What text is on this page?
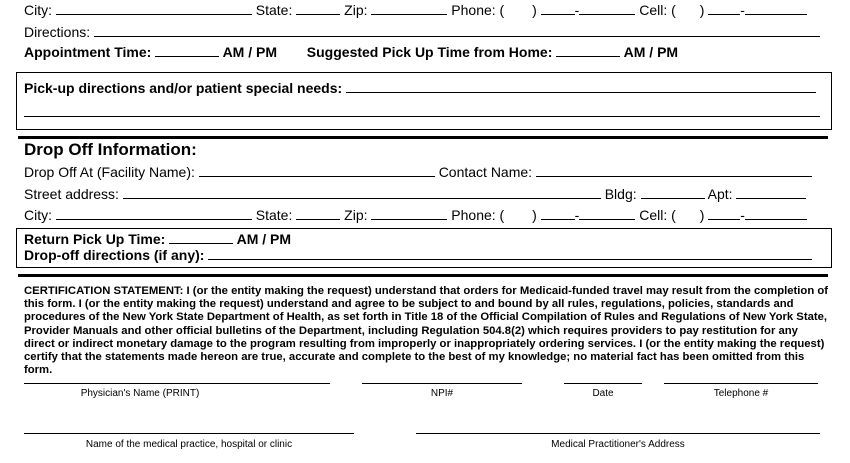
City:	State:	Zip:	Phone: ( )	-	Cell: ( )	-
Directions:
Appointment Time:	AM / PM Suggested Pick Up Time from Home:	AM / PM
Pick-up directions and/or patient special needs:
Drop Off Information:
Drop Off At (Facility Name):	Contact Name:
Street address:	Bldg:	Apt:
City:	State:	Zip:	Phone: ( )	-	Cell: ( )	-
Return Pick Up Time:	AM / PM
Drop-off directions (if any):
CERTIFICATION STATEMENT: I (or the entity making the request) understand that orders for Medicaid-funded travel may result from the completion of this form. I (or the entity making the request) understand and agree to be subject to and bound by all rules, regulations, policies, standards and procedures of the New York State Department of Health, as set forth in Title 18 of the Official Compilation of Rules and Regulations of New York State, Provider Manuals and other official bulletins of the Department, including Regulation 504.8(2) which requires providers to pay restitution for any direct or indirect monetary damage to the program resulting from improperly or inappropriately ordering services. I (or the entity making the request) certify that the statements made hereon are true, accurate and complete to the best of my knowledge; no material fact has been omitted from this form.
Physician's Name (PRINT)	NPI#	Date	Telephone #
Name of the medical practice, hospital or clinic	Medical Practitioner's Address
